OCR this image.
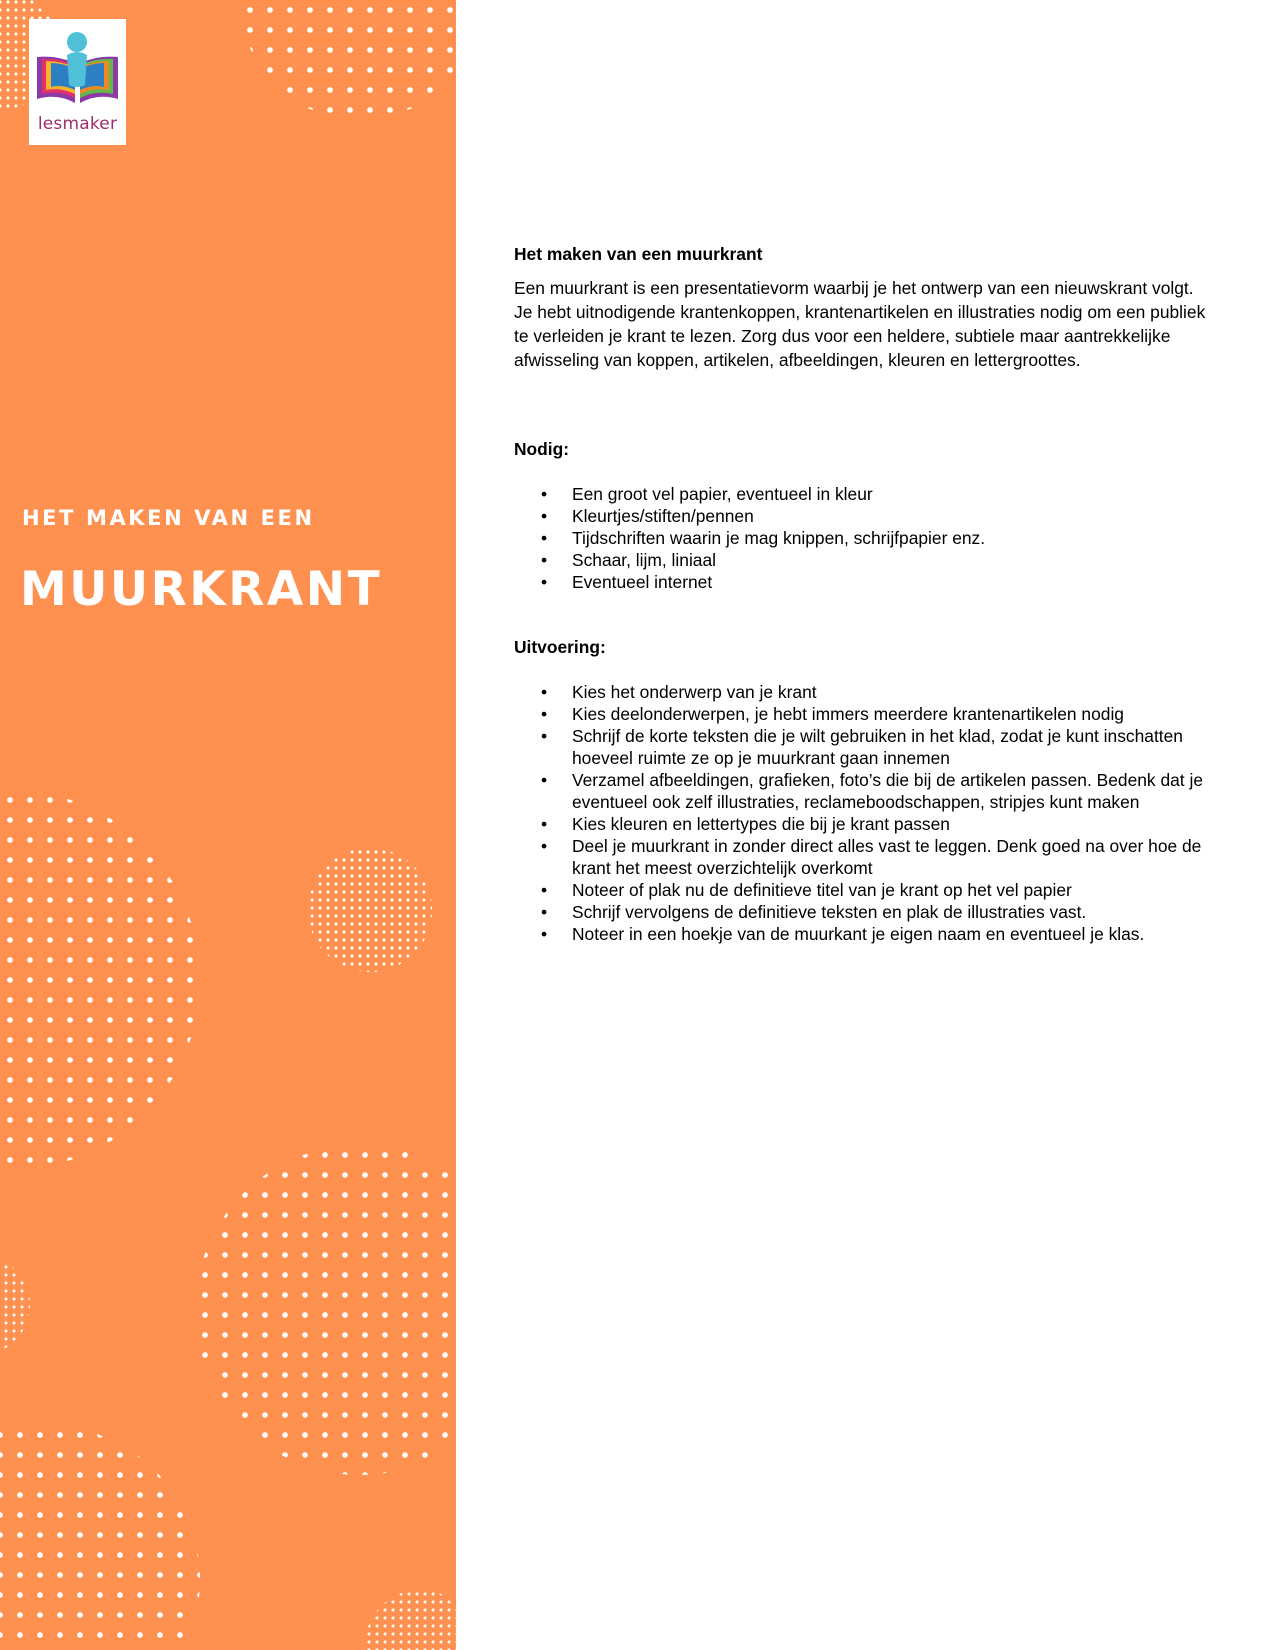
lesmaker
HET MAKEN VAN EEN
MUURKRANT
Het maken van een muurkrant

Een muurkrant is een presentatievorm waarbij je het ontwerp van een nieuwskrant volgt. Je hebt uitnodigende krantenkoppen, krantenartikelen en illustraties nodig om een publiek te verleiden je krant te lezen. Zorg dus voor een heldere, subtiele maar aantrekkelijke afwisseling van koppen, artikelen, afbeeldingen, kleuren en lettergroottes.

Nodig:

• Een groot vel papier, eventueel in kleur
• Kleurtjes/stiften/pennen
• Tijdschriften waarin je mag knippen, schrijfpapier enz.
• Schaar, lijm, liniaal
• Eventueel internet

Uitvoering:

• Kies het onderwerp van je krant
• Kies deelonderwerpen, je hebt immers meerdere krantenartikelen nodig
• Schrijf de korte teksten die je wilt gebruiken in het klad, zodat je kunt inschatten hoeveel ruimte ze op je muurkrant gaan innemen
• Verzamel afbeeldingen, grafieken, foto’s die bij de artikelen passen. Bedenk dat je eventueel ook zelf illustraties, reclameboodschappen, stripjes kunt maken
• Kies kleuren en lettertypes die bij je krant passen
• Deel je muurkrant in zonder direct alles vast te leggen. Denk goed na over hoe de krant het meest overzichtelijk overkomt
• Noteer of plak nu de definitieve titel van je krant op het vel papier
• Schrijf vervolgens de definitieve teksten en plak de illustraties vast.
• Noteer in een hoekje van de muurkant je eigen naam en eventueel je klas.
